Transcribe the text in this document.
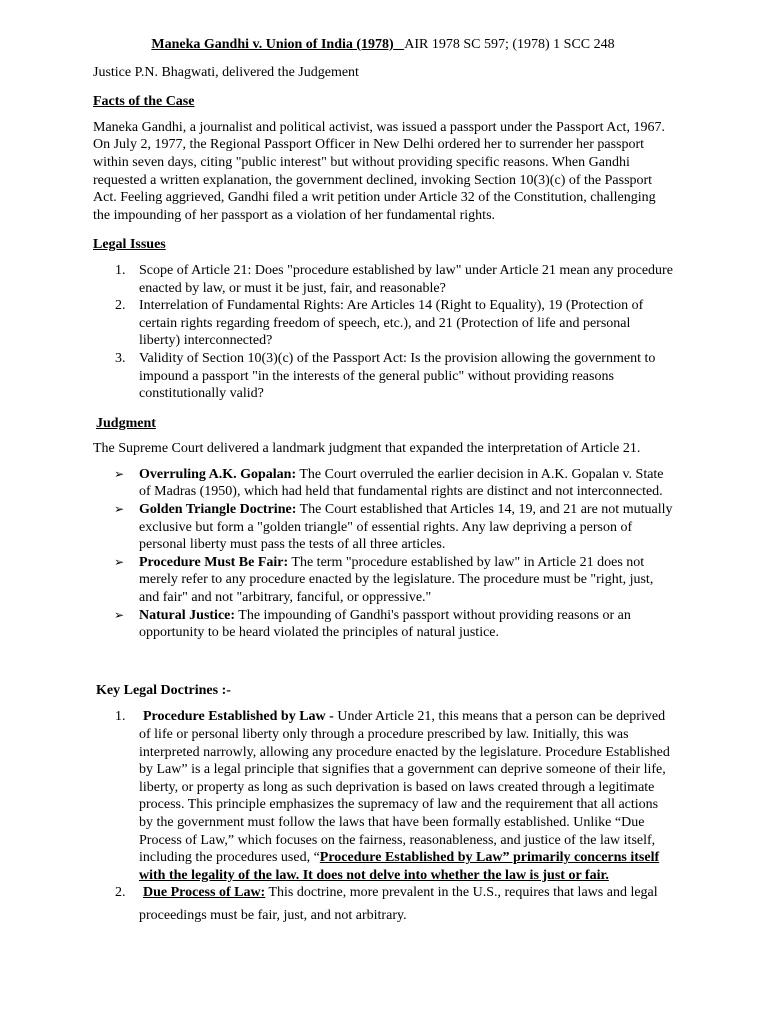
Maneka Gandhi v. Union of India (1978) AIR 1978 SC 597; (1978) 1 SCC 248

Justice P.N. Bhagwati, delivered the Judgement

Facts of the Case

Maneka Gandhi, a journalist and political activist, was issued a passport under the Passport Act, 1967. On July 2, 1977, the Regional Passport Officer in New Delhi ordered her to surrender her passport within seven days, citing "public interest" but without providing specific reasons. When Gandhi requested a written explanation, the government declined, invoking Section 10(3)(c) of the Passport Act. Feeling aggrieved, Gandhi filed a writ petition under Article 32 of the Constitution, challenging the impounding of her passport as a violation of her fundamental rights.

Legal Issues

1. Scope of Article 21: Does "procedure established by law" under Article 21 mean any procedure enacted by law, or must it be just, fair, and reasonable?
2. Interrelation of Fundamental Rights: Are Articles 14 (Right to Equality), 19 (Protection of certain rights regarding freedom of speech, etc.), and 21 (Protection of life and personal liberty) interconnected?
3. Validity of Section 10(3)(c) of the Passport Act: Is the provision allowing the government to impound a passport "in the interests of the general public" without providing reasons constitutionally valid?

Judgment

The Supreme Court delivered a landmark judgment that expanded the interpretation of Article 21.

➢ Overruling A.K. Gopalan: The Court overruled the earlier decision in A.K. Gopalan v. State of Madras (1950), which had held that fundamental rights are distinct and not interconnected.
➢ Golden Triangle Doctrine: The Court established that Articles 14, 19, and 21 are not mutually exclusive but form a "golden triangle" of essential rights. Any law depriving a person of personal liberty must pass the tests of all three articles.
➢ Procedure Must Be Fair: The term "procedure established by law" in Article 21 does not merely refer to any procedure enacted by the legislature. The procedure must be "right, just, and fair" and not "arbitrary, fanciful, or oppressive."
➢ Natural Justice: The impounding of Gandhi's passport without providing reasons or an opportunity to be heard violated the principles of natural justice.

Key Legal Doctrines :-

1. Procedure Established by Law - Under Article 21, this means that a person can be deprived of life or personal liberty only through a procedure prescribed by law. Initially, this was interpreted narrowly, allowing any procedure enacted by the legislature. Procedure Established by Law” is a legal principle that signifies that a government can deprive someone of their life, liberty, or property as long as such deprivation is based on laws created through a legitimate process. This principle emphasizes the supremacy of law and the requirement that all actions by the government must follow the laws that have been formally established. Unlike “Due Process of Law,” which focuses on the fairness, reasonableness, and justice of the law itself, including the procedures used, “Procedure Established by Law” primarily concerns itself with the legality of the law. It does not delve into whether the law is just or fair.
2. Due Process of Law: This doctrine, more prevalent in the U.S., requires that laws and legal
proceedings must be fair, just, and not arbitrary.
